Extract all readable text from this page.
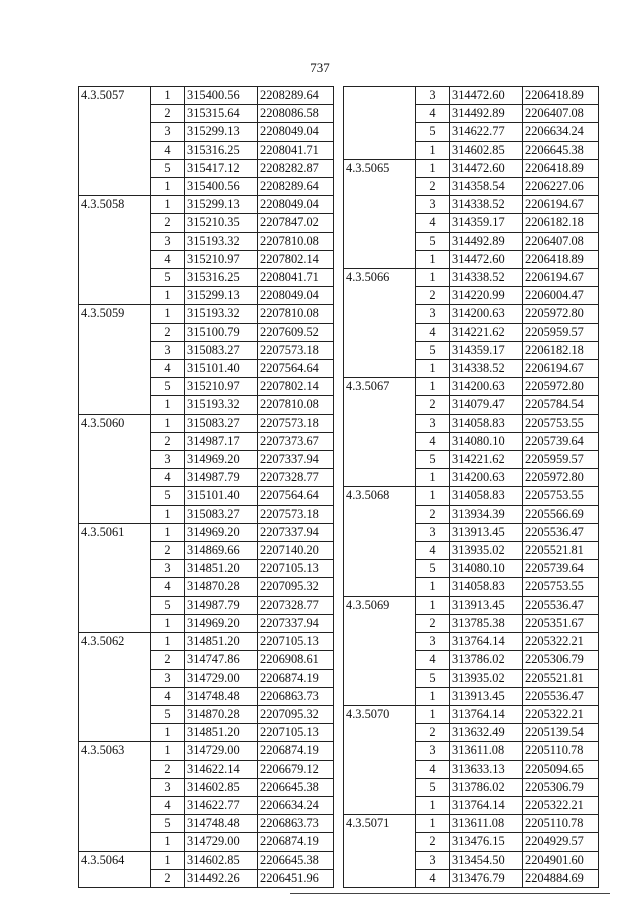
737
4.3.5057	1	315400.56	2208289.64
	2	315315.64	2208086.58
	3	315299.13	2208049.04
	4	315316.25	2208041.71
	5	315417.12	2208282.87
	1	315400.56	2208289.64
4.3.5058	1	315299.13	2208049.04
	2	315210.35	2207847.02
	3	315193.32	2207810.08
	4	315210.97	2207802.14
	5	315316.25	2208041.71
	1	315299.13	2208049.04
4.3.5059	1	315193.32	2207810.08
	2	315100.79	2207609.52
	3	315083.27	2207573.18
	4	315101.40	2207564.64
	5	315210.97	2207802.14
	1	315193.32	2207810.08
4.3.5060	1	315083.27	2207573.18
	2	314987.17	2207373.67
	3	314969.20	2207337.94
	4	314987.79	2207328.77
	5	315101.40	2207564.64
	1	315083.27	2207573.18
4.3.5061	1	314969.20	2207337.94
	2	314869.66	2207140.20
	3	314851.20	2207105.13
	4	314870.28	2207095.32
	5	314987.79	2207328.77
	1	314969.20	2207337.94
4.3.5062	1	314851.20	2207105.13
	2	314747.86	2206908.61
	3	314729.00	2206874.19
	4	314748.48	2206863.73
	5	314870.28	2207095.32
	1	314851.20	2207105.13
4.3.5063	1	314729.00	2206874.19
	2	314622.14	2206679.12
	3	314602.85	2206645.38
	4	314622.77	2206634.24
	5	314748.48	2206863.73
	1	314729.00	2206874.19
4.3.5064	1	314602.85	2206645.38
	2	314492.26	2206451.96
	3	314472.60	2206418.89
	4	314492.89	2206407.08
	5	314622.77	2206634.24
	1	314602.85	2206645.38
4.3.5065	1	314472.60	2206418.89
	2	314358.54	2206227.06
	3	314338.52	2206194.67
	4	314359.17	2206182.18
	5	314492.89	2206407.08
	1	314472.60	2206418.89
4.3.5066	1	314338.52	2206194.67
	2	314220.99	2206004.47
	3	314200.63	2205972.80
	4	314221.62	2205959.57
	5	314359.17	2206182.18
	1	314338.52	2206194.67
4.3.5067	1	314200.63	2205972.80
	2	314079.47	2205784.54
	3	314058.83	2205753.55
	4	314080.10	2205739.64
	5	314221.62	2205959.57
	1	314200.63	2205972.80
4.3.5068	1	314058.83	2205753.55
	2	313934.39	2205566.69
	3	313913.45	2205536.47
	4	313935.02	2205521.81
	5	314080.10	2205739.64
	1	314058.83	2205753.55
4.3.5069	1	313913.45	2205536.47
	2	313785.38	2205351.67
	3	313764.14	2205322.21
	4	313786.02	2205306.79
	5	313935.02	2205521.81
	1	313913.45	2205536.47
4.3.5070	1	313764.14	2205322.21
	2	313632.49	2205139.54
	3	313611.08	2205110.78
	4	313633.13	2205094.65
	5	313786.02	2205306.79
	1	313764.14	2205322.21
4.3.5071	1	313611.08	2205110.78
	2	313476.15	2204929.57
	3	313454.50	2204901.60
	4	313476.79	2204884.69
